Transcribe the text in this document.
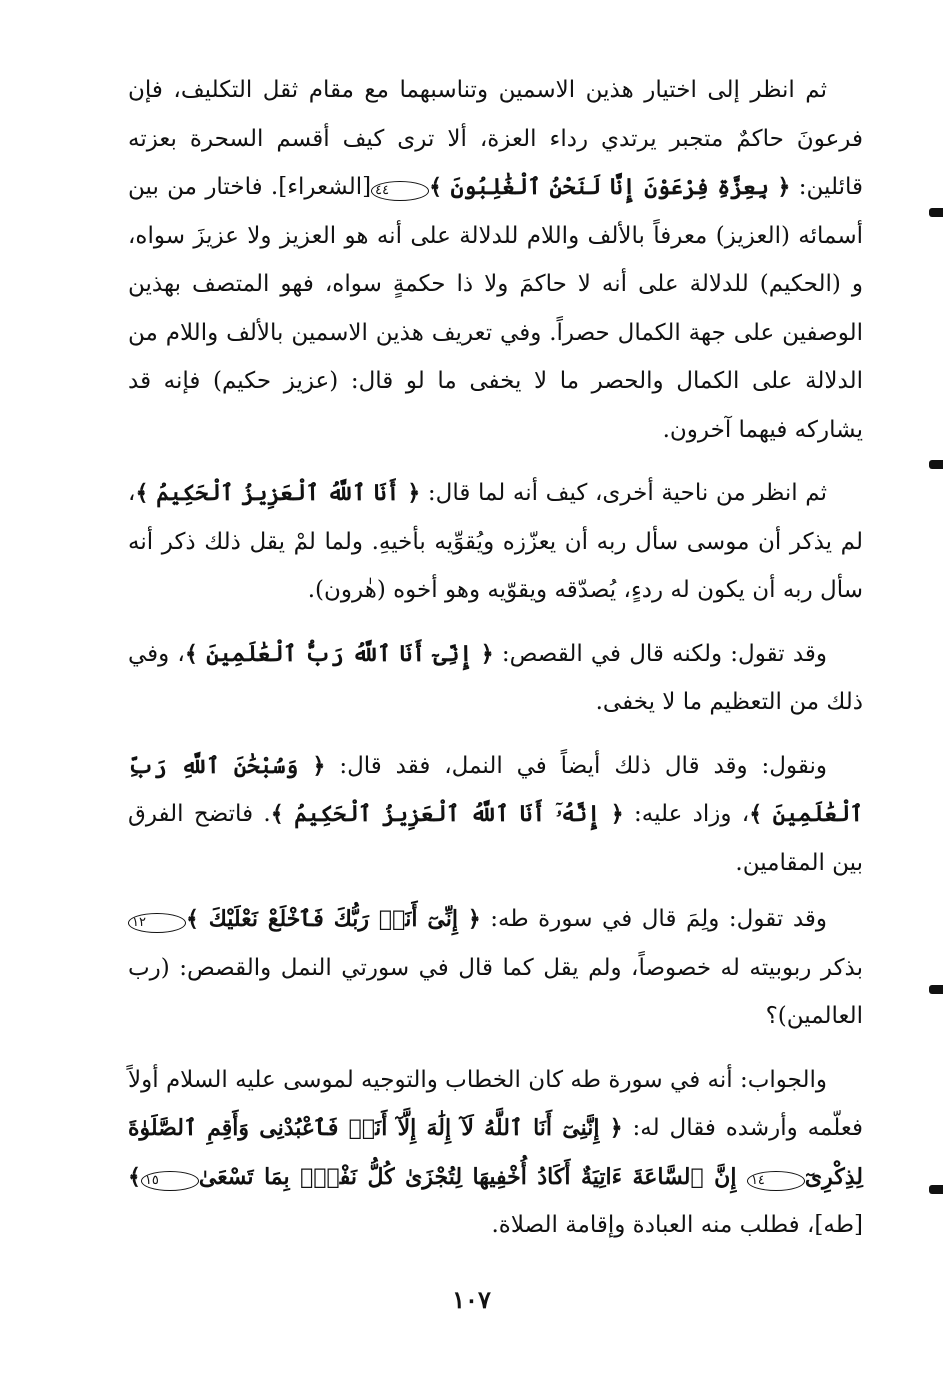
ثم انظر إلى اختيار هذين الاسمين وتناسبهما مع مقام ثقل التكليف، فإن فرعونَ حاكمٌ متجبر يرتدي رداء العزة، ألا ترى كيف أقسم السحرة بعزته قائلين: ﴿ بِعِزَّةِ فِرْعَوْنَ إِنَّا لَنَحْنُ ٱلْغَٰلِبُونَ ﴾٤٤[الشعراء]. فاختار من بين أسمائه (العزيز) معرفاً بالألف واللام للدلالة على أنه هو العزيز ولا عزيزَ سواه، و (الحكيم) للدلالة على أنه لا حاكمَ ولا ذا حكمةٍ سواه، فهو المتصف بهذين الوصفين على جهة الكمال حصراً. وفي تعريف هذين الاسمين بالألف واللام من الدلالة على الكمال والحصر ما لا يخفى ما لو قال: (عزيز حكيم) فإنه قد يشاركه فيهما آخرون.

ثم انظر من ناحية أخرى، كيف أنه لما قال: ﴿ أَنَا ٱللَّهُ ٱلْعَزِيزُ ٱلْحَكِيمُ ﴾، لم يذكر أن موسى سأل ربه أن يعزّزه ويُقوِّيه بأخيهِ. ولما لمْ يقل ذلك ذكر أنه سأل ربه أن يكون له ردءٍ، يُصدّقه ويقوّيه وهو أخوه (هٰرون).

وقد تقول: ولكنه قال في القصص: ﴿ إِنِّىٓ أَنَا ٱللَّهُ رَبُّ ٱلْعَٰلَمِينَ ﴾، وفي ذلك من التعظيم ما لا يخفى.

ونقول: وقد قال ذلك أيضاً في النمل، فقد قال: ﴿ وَسُبْحَٰنَ ٱللَّهِ رَبِّ ٱلْعَٰلَمِينَ ﴾، وزاد عليه: ﴿ إِنَّهُۥٓ أَنَا ٱللَّهُ ٱلْعَزِيزُ ٱلْحَكِيمُ ﴾. فاتضح الفرق بين المقامين.

وقد تقول: ولِمَ قال في سورة طه: ﴿ إِنِّىٓ أَنَا۠ رَبُّكَ فَٱخْلَعْ نَعْلَيْكَ ﴾١٢ بذكر ربوبيته له خصوصاً، ولم يقل كما قال في سورتي النمل والقصص: (رب العالمين)؟

والجواب: أنه في سورة طه كان الخطاب والتوجيه لموسى عليه السلام أولاً فعلّمه وأرشده فقال له: ﴿ إِنَّنِىٓ أَنَا ٱللَّهُ لَآ إِلَٰهَ إِلَّآ أَنَا۠ فَٱعْبُدْنِى وَأَقِمِ ٱلصَّلَوٰةَ لِذِكْرِىٓ١٤ إِنَّ ٱلسَّاعَةَ ءَاتِيَةٌ أَكَادُ أُخْفِيهَا لِتُجْزَىٰ كُلُّ نَفْسٍۭ بِمَا تَسْعَىٰ١٥﴾[طه]، فطلب منه العبادة وإقامة الصلاة.

١٠٧
